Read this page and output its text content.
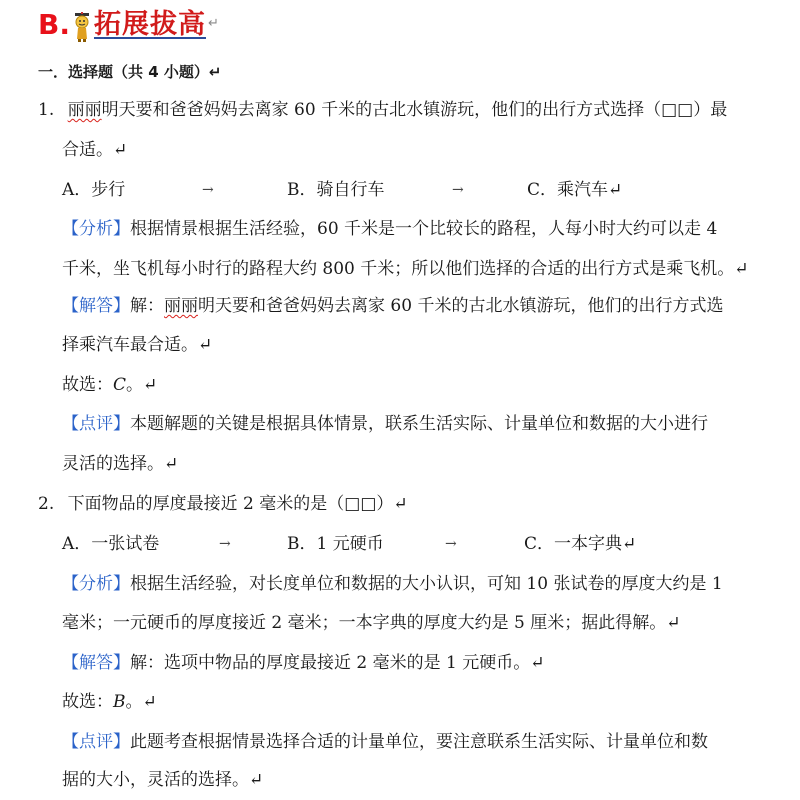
B. 拓展拔高 ↵
一．选择题（共 4 小题）↵
1. 丽丽明天要和爸爸妈妈去离家 60 千米的古北水镇游玩，他们的出行方式选择（□□）最
合适。↵
A．步行	→	B．骑自行车	→	C．乘汽车↵
【分析】根据情景根据生活经验，60 千米是一个比较长的路程，人每小时大约可以走 4
千米，坐飞机每小时行的路程大约 800 千米；所以他们选择的合适的出行方式是乘飞机。↵
【解答】解：丽丽明天要和爸爸妈妈去离家 60 千米的古北水镇游玩，他们的出行方式选
择乘汽车最合适。↵
故选：C。↵
【点评】本题解题的关键是根据具体情景，联系生活实际、计量单位和数据的大小进行
灵活的选择。↵
2. 下面物品的厚度最接近 2 毫米的是（□□）↵
A．一张试卷	→	B．1 元硬币	→	C．一本字典↵
【分析】根据生活经验，对长度单位和数据的大小认识，可知 10 张试卷的厚度大约是 1
毫米；一元硬币的厚度接近 2 毫米；一本字典的厚度大约是 5 厘米；据此得解。↵
【解答】解：选项中物品的厚度最接近 2 毫米的是 1 元硬币。↵
故选：B。↵
【点评】此题考查根据情景选择合适的计量单位，要注意联系生活实际、计量单位和数
据的大小，灵活的选择。↵
